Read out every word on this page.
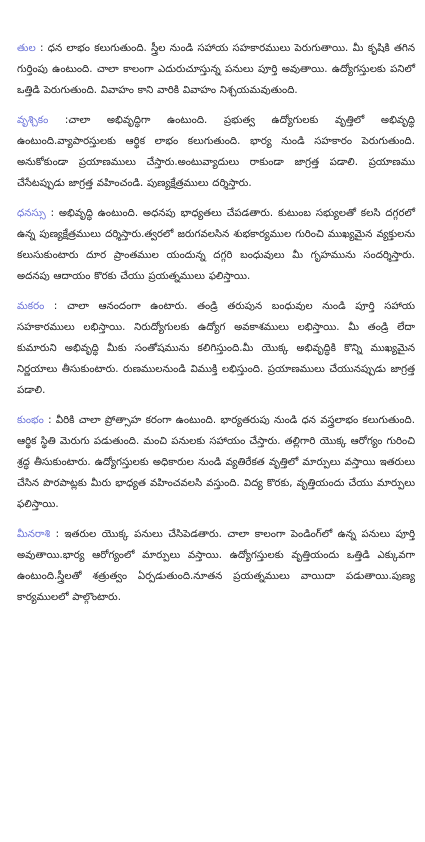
తుల : ధన లాభం కలుగుతుంది. స్త్రీల నుండి సహాయ సహకారములు పెరుగుతాయి. మీ కృషికి తగిన గుర్తింపు ఉంటుంది. చాలా కాలంగా ఎదురుచూస్తున్న పనులు పూర్తి అవుతాయి. ఉద్యోగస్తులకు పనిలో ఒత్తిడి పెరుగుతుంది. వివాహం కాని వారికి వివాహం నిశ్చయమవుతుంది.

వృశ్చికం :చాలా అభివృద్ధిగా ఉంటుంది. ప్రభుత్వ ఉద్యోగులకు వృత్తిలో అభివృద్ధి ఉంటుంది.వ్యాపారస్తులకు ఆర్థిక లాభం కలుగుతుంది. భార్య నుండి సహకారం పెరుగుతుంది. అనుకోకుండా ప్రయాణములు చేస్తారు.అంటువ్యాదులు రాకుండా జాగ్రత్త పడాలి. ప్రయాణము చేసేటప్పుడు జాగ్రత్త వహించండి. పుణ్యక్షేత్రములు దర్శిస్తారు.

ధనస్సు : అభివృద్ధి ఉంటుంది. అధనపు భాధ్యతలు చేపడతారు. కుటుంబ సభ్యులతో కలసి దగ్గరలో ఉన్న పుణ్యక్షేత్రములు దర్శిస్తారు.త్వరలో జరుగవలసిన శుభకార్యముల గురించి ముఖ్యమైన వ్యక్తులను కలుసుకుంటారు దూర ప్రాంతముల యందున్న దగ్గరి బంధువులు మీ గృహమును సందర్శిస్తారు. అదనపు ఆదాయం కొరకు చేయు ప్రయత్నములు ఫలిస్తాయి.

మకరం : చాలా ఆనందంగా ఉంటారు. తండ్రి తరుపున బంధువుల నుండి పూర్తి సహాయ సహకారములు లభిస్తాయి. నిరుద్యోగులకు ఉద్యోగ అవకాశములు లభిస్తాయి. మీ తండ్రి లేదా కుమారుని అభివృద్ధి మీకు సంతోషమును కలిగిస్తుంది.మీ యొక్క అభివృద్ధికి కొన్ని ముఖ్యమైన నిర్ణయాలు తీసుకుంటారు. రుణములనుండి విముక్తి లభిస్తుంది. ప్రయాణములు చేయునప్పుడు జాగ్రత్త పడాలి.

కుంభం : వీరికి చాలా ప్రోత్సాహ కరంగా ఉంటుంది. భార్యతరుపు నుండి ధన వస్త్రలాభం కలుగుతుంది. ఆర్థిక స్థితి మెరుగు పడుతుంది. మంచి పనులకు సహాయం చేస్తారు. తల్లిగారి యొక్క ఆరోగ్యం గురించి శ్రద్ధ తీసుకుంటారు. ఉద్యోగస్తులకు అధికారుల నుండి వ్యతిరేకత వృత్తిలో మార్పులు వస్తాయి ఇతరులు చేసిన పొరపాట్లకు మీరు భాధ్యత వహించవలసి వస్తుంది. విద్య కొరకు, వృత్తియందు చేయు మార్పులు ఫలిస్తాయి.

మీనరాశి : ఇతరుల యొక్క పనులు చేసిపెడతారు. చాలా కాలంగా పెండింగ్‌లో ఉన్న పనులు పూర్తి అవుతాయి.భార్య ఆరోగ్యంలో మార్పులు వస్తాయి. ఉద్యోగస్తులకు వృత్తియందు ఒత్తిడి ఎక్కువగా ఉంటుంది.స్త్రీలతో శత్రుత్వం ఏర్పడుతుంది.నూతన ప్రయత్నములు వాయిదా పడుతాయి.పుణ్య కార్యములలో పాల్గొంటారు.
